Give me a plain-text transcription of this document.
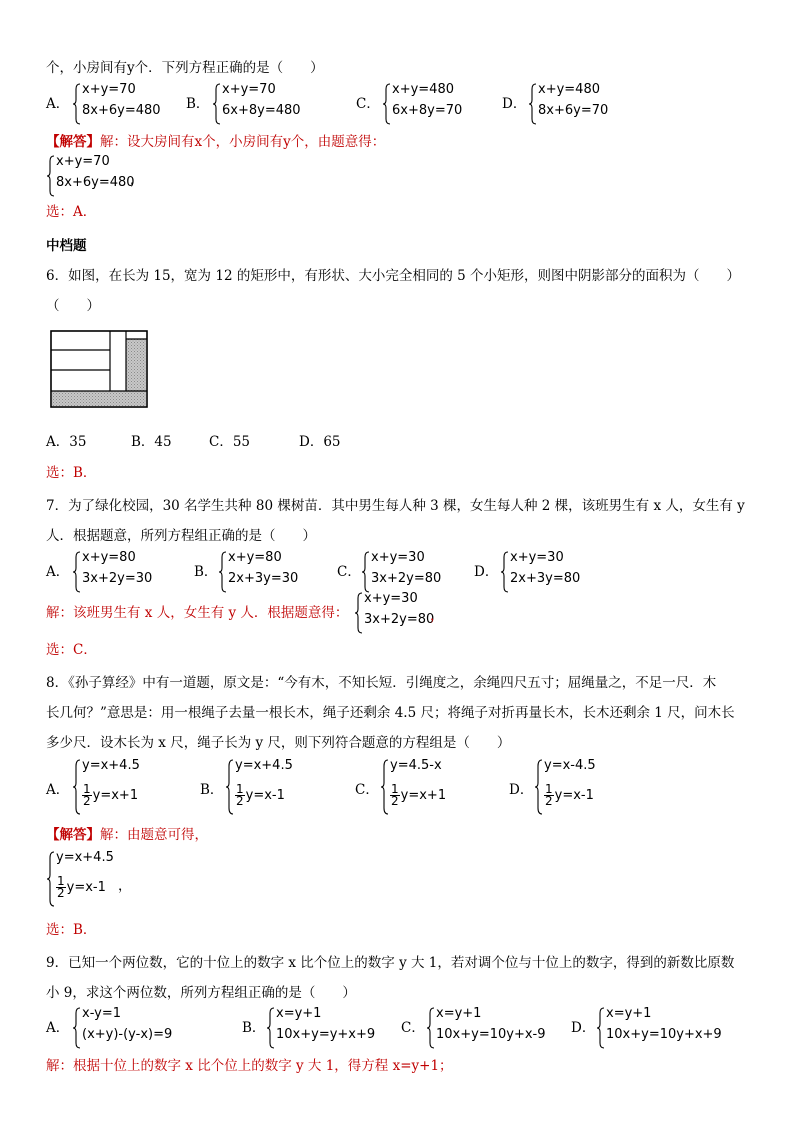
个，小房间有y个．下列方程正确的是（　　）
A．
x+y=70
8x+6y=480 B．
x+y=70
6x+8y=480	C．
x+y=480
6x+8y=70	D．
x+y=480
8x+6y=70
【解答】解：设大房间有x个，小房间有y个，由题意得：
x+y=70
8x+6y=480
，
选：A．
中档题
6．如图，在长为 15，宽为 12 的矩形中，有形状、大小完全相同的 5 个小矩形，则图中阴影部分的面积为（　　）
（　　）
A．35	B．45	C．55	D．65
选：B．
7．为了绿化校园，30 名学生共种 80 棵树苗．其中男生每人种 3 棵，女生每人种 2 棵，该班男生有 x 人，女生有 y
人．根据题意，所列方程组正确的是（　　）
A．
x+y=80
3x+2y=30	B．
x+y=80
2x+3y=30	C．
x+y=30
3x+2y=80 D．
x+y=30
2x+3y=80
解：该班男生有 x 人，女生有 y 人．根据题意得：
x+y=30
3x+2y=80
，
选：C．
8．《孙子算经》中有一道题，原文是：“今有木，不知长短．引绳度之，余绳四尺五寸；屈绳量之，不足一尺．木
长几何？”意思是：用一根绳子去量一根长木，绳子还剩余 4.5 尺；将绳子对折再量长木，长木还剩余 1 尺，问木长
多少尺．设木长为 x 尺，绳子长为 y 尺，则下列符合题意的方程组是（　　）
A．
y=x+4.5
$\frac{1}{2} y=x+1$	B．
y=x+4.5
$\frac{1}{2} y=x-1$	C．
y=4.5-x
$\frac{1}{2} y=x+1$	D．
y=x-4.5
$\frac{1}{2} y=x-1$
【解答】解：由题意可得，
y=x+4.5
$\frac{1}{2} y=x-1$ ，
选：B．
9．已知一个两位数，它的十位上的数字 x 比个位上的数字 y 大 1，若对调个位与十位上的数字，得到的新数比原数
小 9，求这个两位数，所列方程组正确的是（　　）
A．
x-y=1
(x+y)-(y-x)=9	B．
x=y+1
10x+y=y+x+9 C．
x=y+1
10x+y=10y+x-9 D．
x=y+1
10x+y=10y+x+9
解：根据十位上的数字 x 比个位上的数字 y 大 1，得方程 x=y+1；
